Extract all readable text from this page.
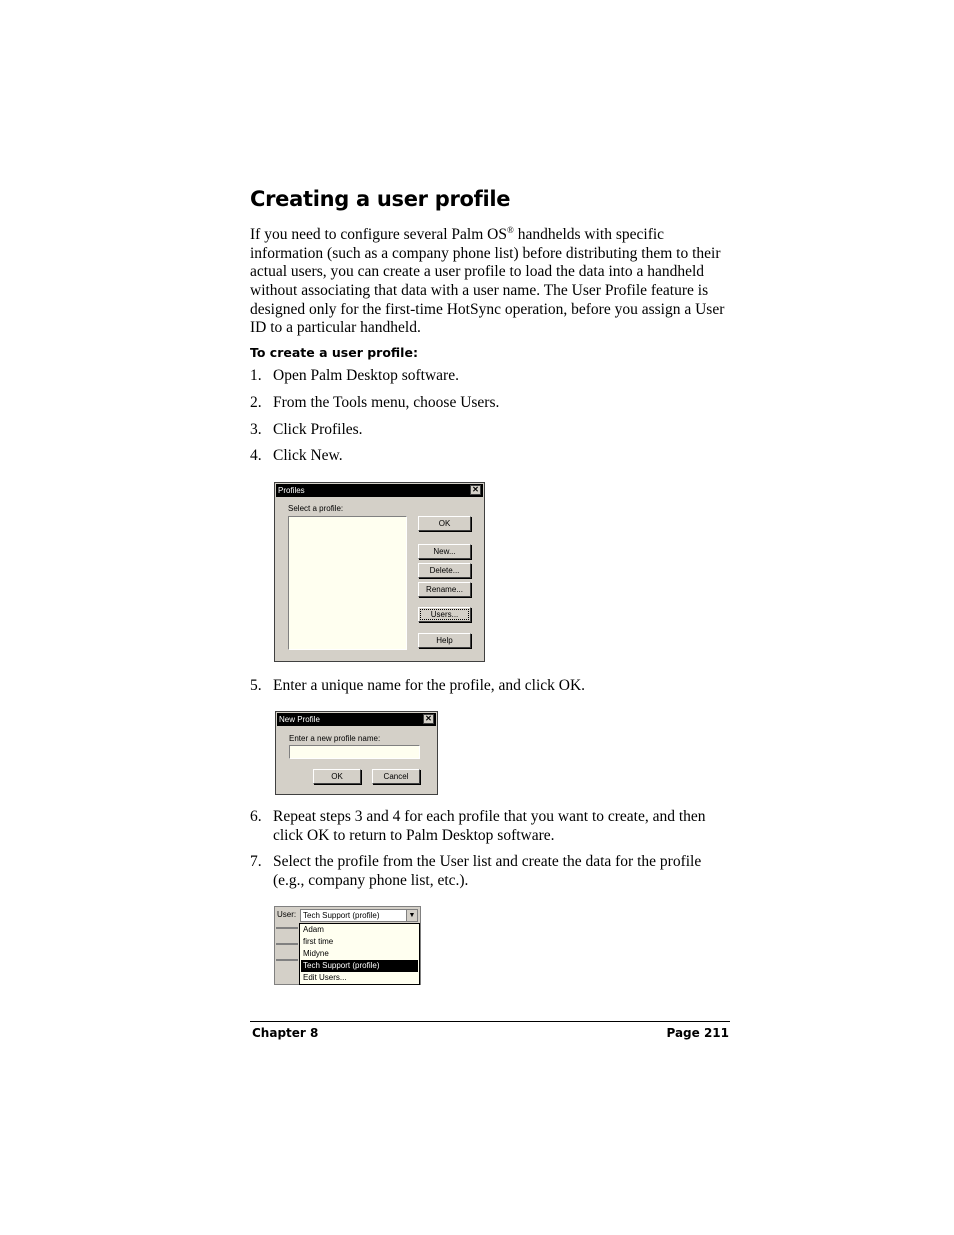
Creating a user profile

If you need to configure several Palm OS® handhelds with specific information (such as a company phone list) before distributing them to their actual users, you can create a user profile to load the data into a handheld without associating that data with a user name. The User Profile feature is designed only for the first-time HotSync operation, before you assign a User ID to a particular handheld.

To create a user profile:
1. Open Palm Desktop software.
2. From the Tools menu, choose Users.
3. Click Profiles.
4. Click New.
Profiles	✕
Select a profile:
OK
New...
Delete...
Rename...
Users...
Help
5. Enter a unique name for the profile, and click OK.
New Profile	✕
Enter a new profile name:
OK	Cancel
6. Repeat steps 3 and 4 for each profile that you want to create, and then click OK to return to Palm Desktop software.
7. Select the profile from the User list and create the data for the profile (e.g., company phone list, etc.).
User: Tech Support (profile)	▼
Adam
first time
Midyne
Tech Support (profile)
Edit Users...
Chapter 8	Page 211
